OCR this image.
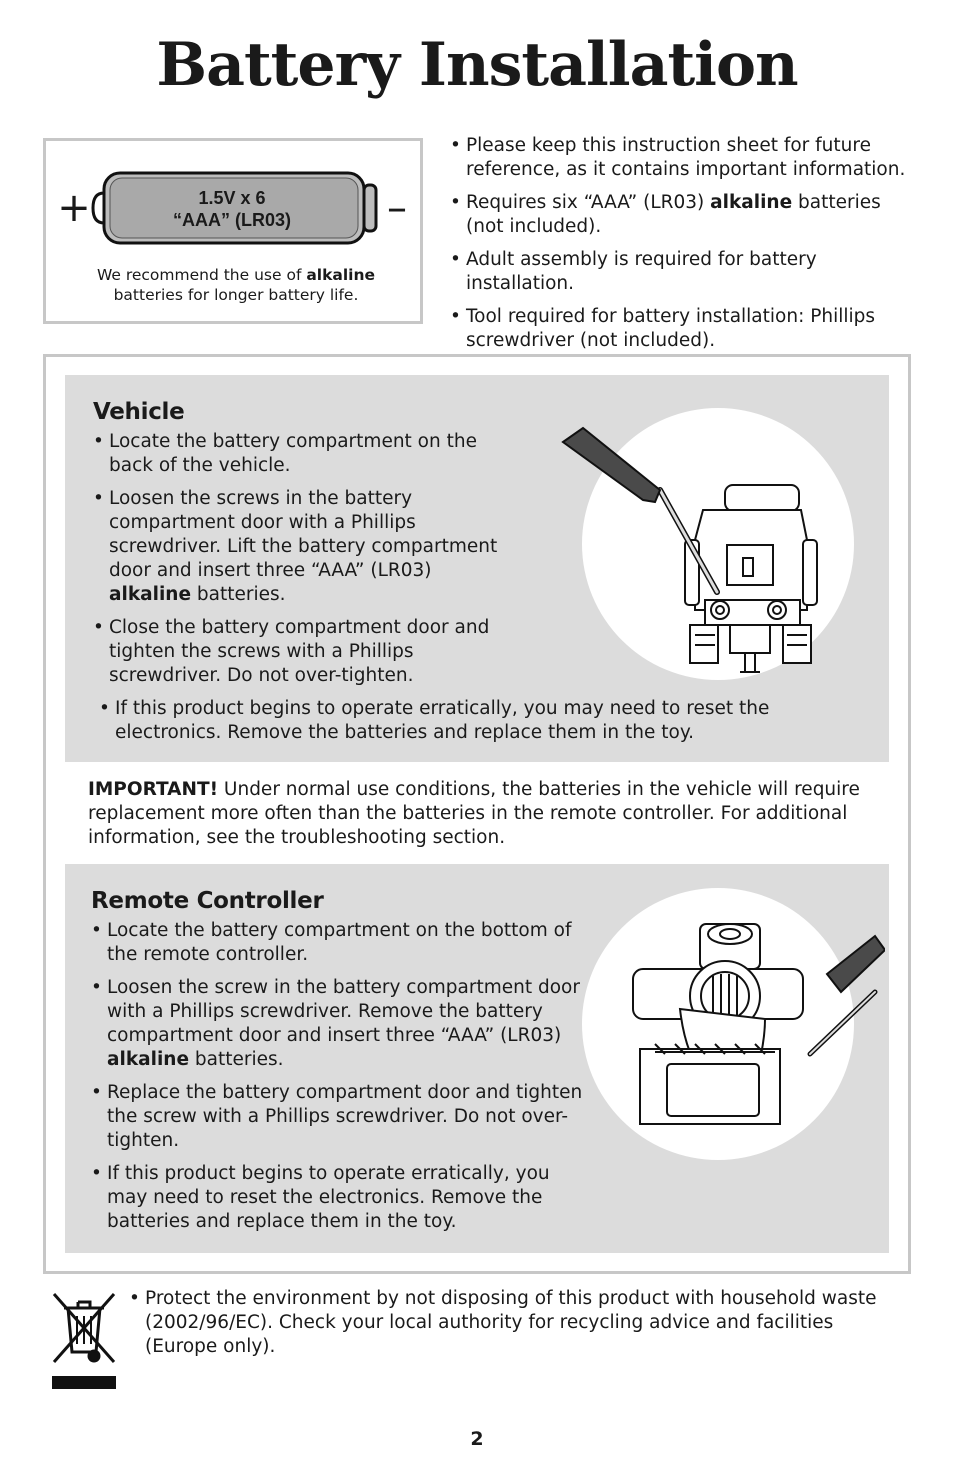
Battery Installation
1.5V x 6
“AAA” (LR03)
+	–
We recommend the use of alkaline
batteries for longer battery life.
• Please keep this instruction sheet for future reference, as it contains important information.
• Requires six “AAA” (LR03) alkaline batteries (not included).
• Adult assembly is required for battery installation.
• Tool required for battery installation: Phillips screwdriver (not included).
Vehicle
• Locate the battery compartment on the back of the vehicle.
• Loosen the screws in the battery compartment door with a Phillips screwdriver. Lift the battery compartment door and insert three “AAA” (LR03) alkaline batteries.
• Close the battery compartment door and tighten the screws with a Phillips screwdriver. Do not over-tighten.
• If this product begins to operate erratically, you may need to reset the electronics. Remove the batteries and replace them in the toy.

IMPORTANT! Under normal use conditions, the batteries in the vehicle will require replacement more often than the batteries in the remote controller. For additional information, see the troubleshooting section.

Remote Controller
• Locate the battery compartment on the bottom of the remote controller.
• Loosen the screw in the battery compartment door with a Phillips screwdriver. Remove the battery compartment door and insert three “AAA” (LR03) alkaline batteries.
• Replace the battery compartment door and tighten the screw with a Phillips screwdriver. Do not over-tighten.
• If this product begins to operate erratically, you may need to reset the electronics. Remove the batteries and replace them in the toy.

• Protect the environment by not disposing of this product with household waste (2002/96/EC). Check your local authority for recycling advice and facilities (Europe only).

2
